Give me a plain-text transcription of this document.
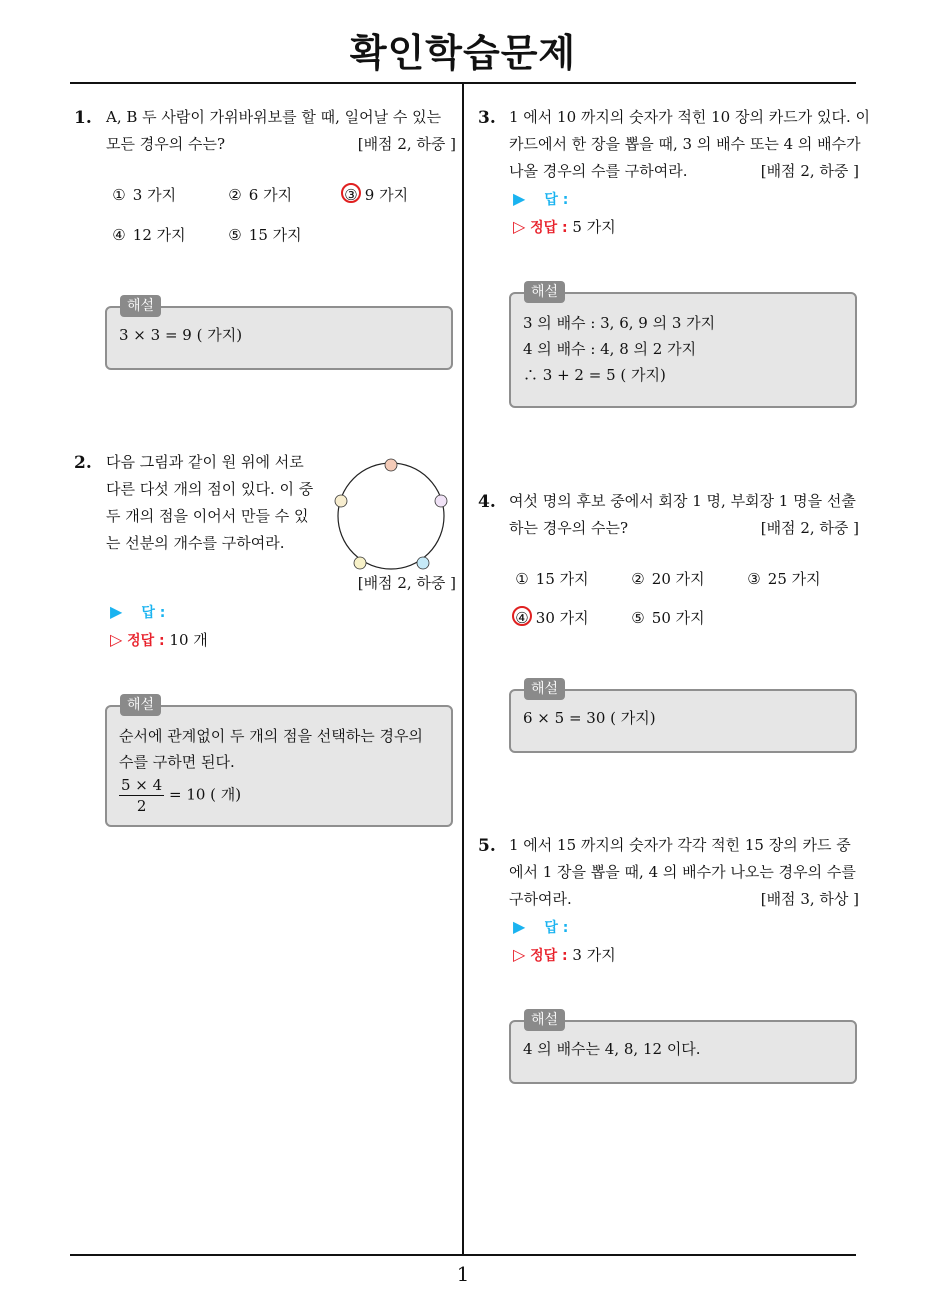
확인학습문제
1. A, B 두 사람이 가위바위보를 할 때, 일어날 수 있는
모든 경우의 수는?	[배점 2, 하중 ]
① 3 가지	② 6 가지	③ 9 가지
④ 12 가지	⑤ 15 가지
3 × 3 = 9 ( 가지)
해설
2. 다음 그림과 같이 원 위에 서로
다른 다섯 개의 점이 있다. 이 중
두 개의 점을 이어서 만들 수 있
는 선분의 개수를 구하여라.
[배점 2, 하중 ]
▶ 답 :
▷ 정답 : 10 개
순서에 관계없이 두 개의 점을 선택하는 경우의
수를 구하면 된다.
$\frac{5 \times 4}{2} = 10$ ( 개)
해설
3. 1 에서 10 까지의 숫자가 적힌 10 장의 카드가 있다. 이
카드에서 한 장을 뽑을 때, 3 의 배수 또는 4 의 배수가
나올 경우의 수를 구하여라.	[배점 2, 하중 ]
▶ 답 :
▷ 정답 : 5 가지
3 의 배수 : 3, 6, 9 의 3 가지
4 의 배수 : 4, 8 의 2 가지
∴ 3 + 2 = 5 ( 가지)
해설
4. 여섯 명의 후보 중에서 회장 1 명, 부회장 1 명을 선출
하는 경우의 수는?	[배점 2, 하중 ]
① 15 가지	② 20 가지	③ 25 가지
④ 30 가지	⑤ 50 가지
6 × 5 = 30 ( 가지)
해설
5. 1 에서 15 까지의 숫자가 각각 적힌 15 장의 카드 중
에서 1 장을 뽑을 때, 4 의 배수가 나오는 경우의 수를
구하여라.	[배점 3, 하상 ]
▶ 답 :
▷ 정답 : 3 가지
4 의 배수는 4, 8, 12 이다.
해설
1
